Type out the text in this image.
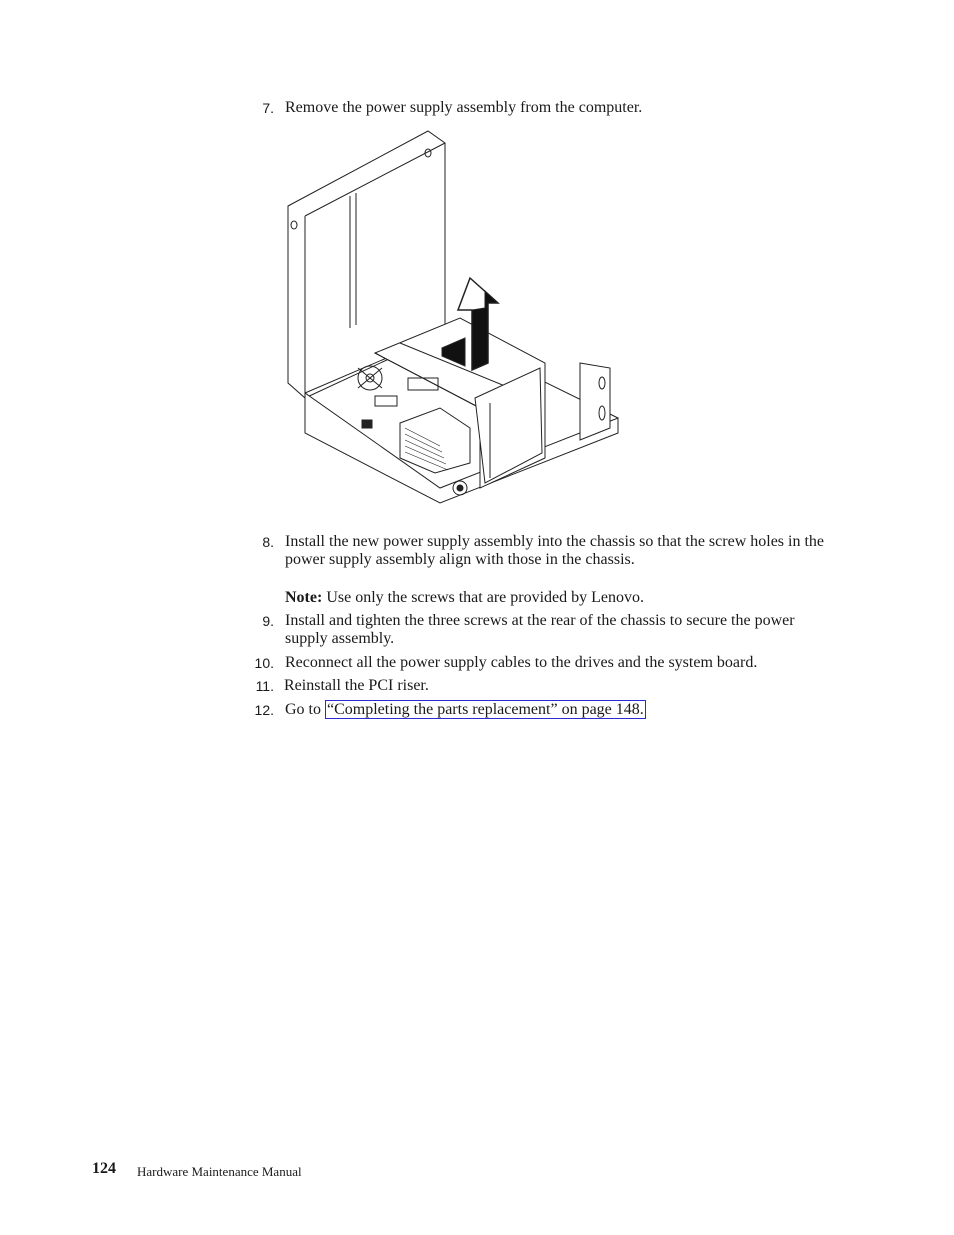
7. Remove the power supply assembly from the computer.
8. Install the new power supply assembly into the chassis so that the screw holes in the power supply assembly align with those in the chassis.
Note: Use only the screws that are provided by Lenovo.
9. Install and tighten the three screws at the rear of the chassis to secure the power supply assembly.
10. Reconnect all the power supply cables to the drives and the system board.
11. Reinstall the PCI riser.
12. Go to “Completing the parts replacement” on page 148.
124 Hardware Maintenance Manual
